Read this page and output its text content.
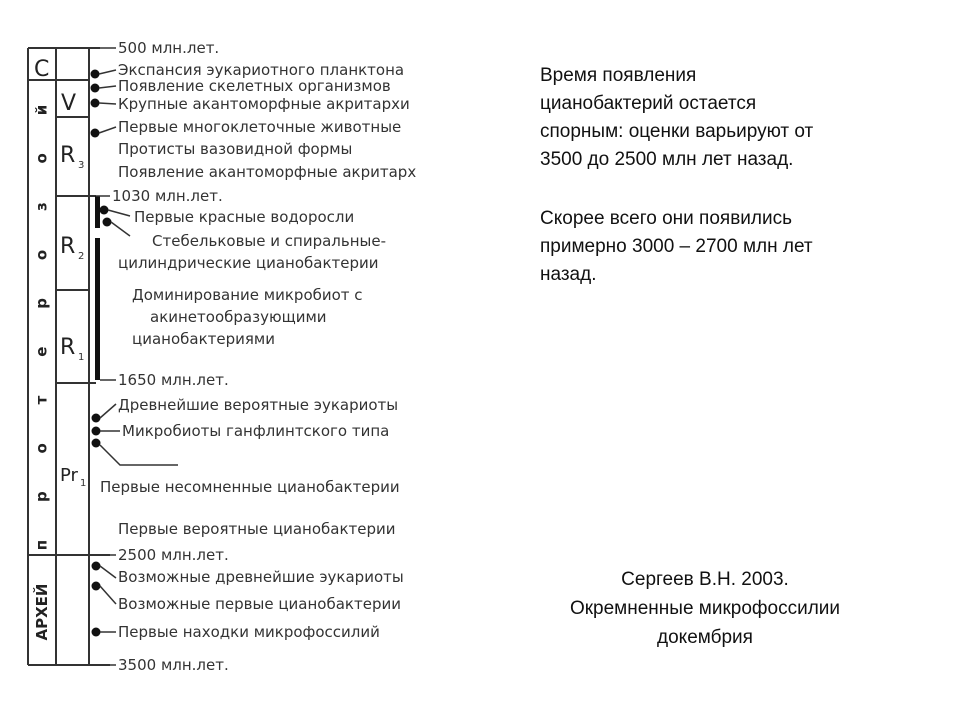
АРХЕЙ
C
V
R 3
R 2
R 1
Pr 1
500 млн.лет.
Экспансия эукариотного планктона
Появление скелетных организмов
Крупные акантоморфные акритархи
Первые многоклеточные животные
Протисты вазовидной формы
Появление акантоморфные акритарх
1030 млн.лет.
Первые красные водоросли
Стебельковые и спиральные-
цилиндрические цианобактерии
Доминирование микробиот с
акинетообразующими
цианобактериями
1650 млн.лет.
Древнейшие вероятные эукариоты
Микробиоты ганфлинтского типа
Первые несомненные цианобактерии
Первые вероятные цианобактерии
2500 млн.лет.
Возможные древнейшие эукариоты
Возможные первые цианобактерии
Первые находки микрофоссилий
3500 млн.лет.
п
р
о
т
е
р
о
з
о
й
Время появления
цианобактерий остается
спорным: оценки варьируют от
3500 до 2500 млн лет назад.
Скорее всего они появились
примерно 3000 – 2700 млн лет
назад.
Сергеев В.Н. 2003.
Окремненные микрофоссилии
докембрия
